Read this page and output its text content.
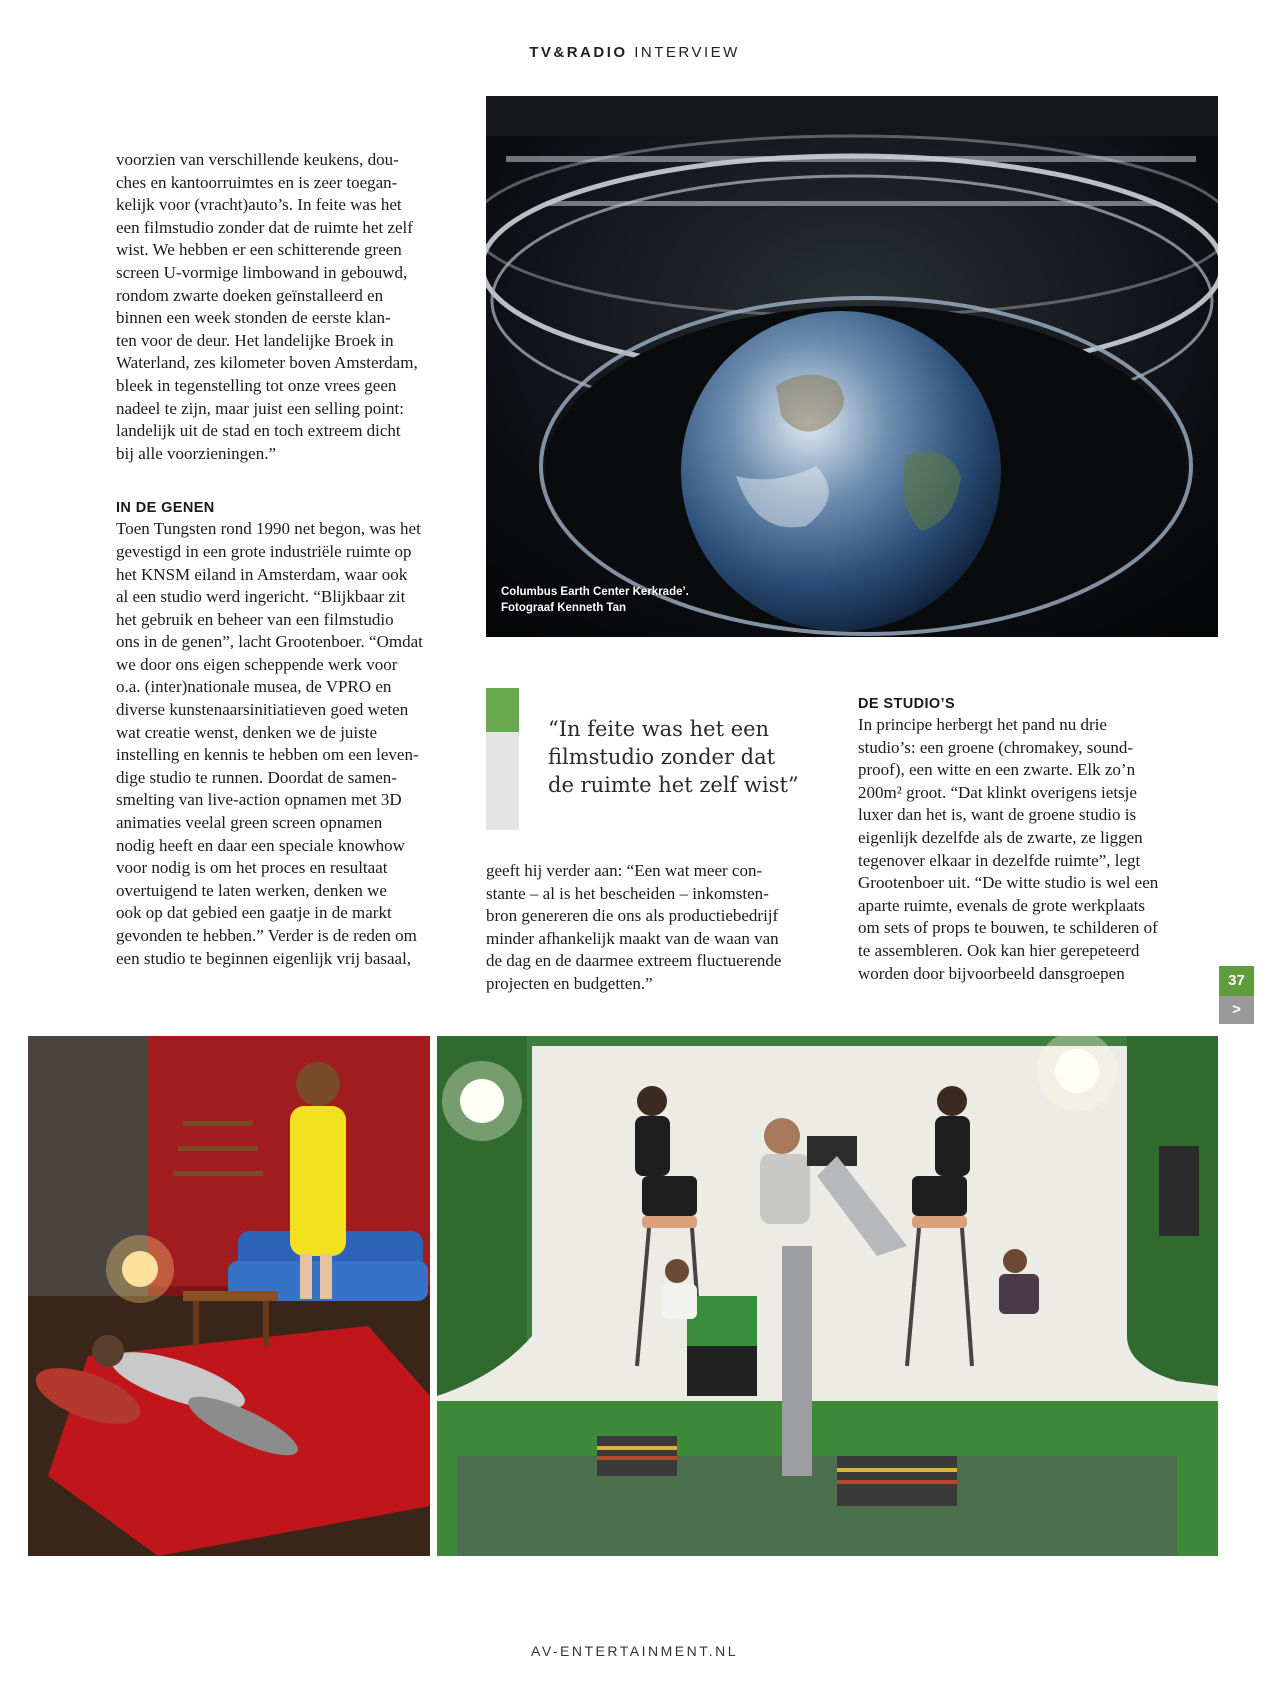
TV&RADIO INTERVIEW

voorzien van verschillende keukens, dou-

ches en kantoorruimtes en is zeer toegan-

kelijk voor (vracht)auto’s. In feite was het

een filmstudio zonder dat de ruimte het zelf

wist. We hebben er een schitterende green

screen U-vormige limbowand in gebouwd,

rondom zwarte doeken geïnstalleerd en

binnen een week stonden de eerste klan-

ten voor de deur. Het landelijke Broek in

Waterland, zes kilometer boven Amsterdam,

bleek in tegenstelling tot onze vrees geen

nadeel te zijn, maar juist een selling point:

landelijk uit de stad en toch extreem dicht

bij alle voorzieningen.”

IN DE GENEN

Toen Tungsten rond 1990 net begon, was het

gevestigd in een grote industriële ruimte op

het KNSM eiland in Amsterdam, waar ook

al een studio werd ingericht. “Blijkbaar zit

het gebruik en beheer van een filmstudio

ons in de genen”, lacht Grootenboer. “Omdat

we door ons eigen scheppende werk voor

o.a. (inter)nationale musea, de VPRO en

diverse kunstenaarsinitiatieven goed weten

wat creatie wenst, denken we de juiste

instelling en kennis te hebben om een leven-

dige studio te runnen. Doordat de samen-

smelting van live-action opnamen met 3D

animaties veelal green screen opnamen

nodig heeft en daar een speciale knowhow

voor nodig is om het proces en resultaat

overtuigend te laten werken, denken we

ook op dat gebied een gaatje in de markt

gevonden te hebben.” Verder is de reden om

een studio te beginnen eigenlijk vrij basaal,

Columbus Earth Center Kerkrade’.
Fotograaf Kenneth Tan
“In feite was het een
filmstudio zonder dat
de ruimte het zelf wist”

geeft hij verder aan: “Een wat meer con-

stante – al is het bescheiden – inkomsten-

bron genereren die ons als productiebedrijf

minder afhankelijk maakt van de waan van

de dag en de daarmeе extreem fluctuerende

projecten en budgetten.”

DE STUDIO’S

In principe herbergt het pand nu drie

studio’s: een groene (chromakey, sound-

proof), een witte en een zwarte. Elk zo’n

200m² groot. “Dat klinkt overigens ietsje

luxer dan het is, want de groene studio is

eigenlijk dezelfde als de zwarte, ze liggen

tegenover elkaar in dezelfde ruimte”, legt

Grootenboer uit. “De witte studio is wel een

aparte ruimte, evenals de grote werkplaats

om sets of props te bouwen, te schilderen of

te assembleren. Ook kan hier gerepeteerd

worden door bijvoorbeeld dansgroepen	37
>
AV-ENTERTAINMENT.NL
